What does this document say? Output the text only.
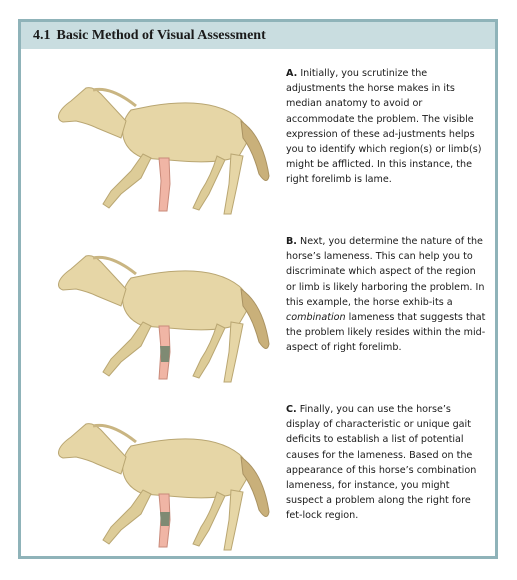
4.1 Basic Method of Visual Assessment

A. Initially, you scrutinize the adjustments the horse makes in its median anatomy to avoid or accommodate the problem. The visible expression of these ad-justments helps you to identify which region(s) or limb(s) might be afflicted. In this instance, the right forelimb is lame.

B. Next, you determine the nature of the horse’s lameness. This can help you to discriminate which aspect of the region or limb is likely harboring the problem. In this example, the horse exhib-its a combination lameness that suggests that the problem likely resides within the mid-aspect of right forelimb.

C. Finally, you can use the horse’s display of characteristic or unique gait deficits to establish a list of potential causes for the lameness. Based on the appearance of this horse’s combination lameness, for instance, you might suspect a problem along the right fore fet-lock region.
